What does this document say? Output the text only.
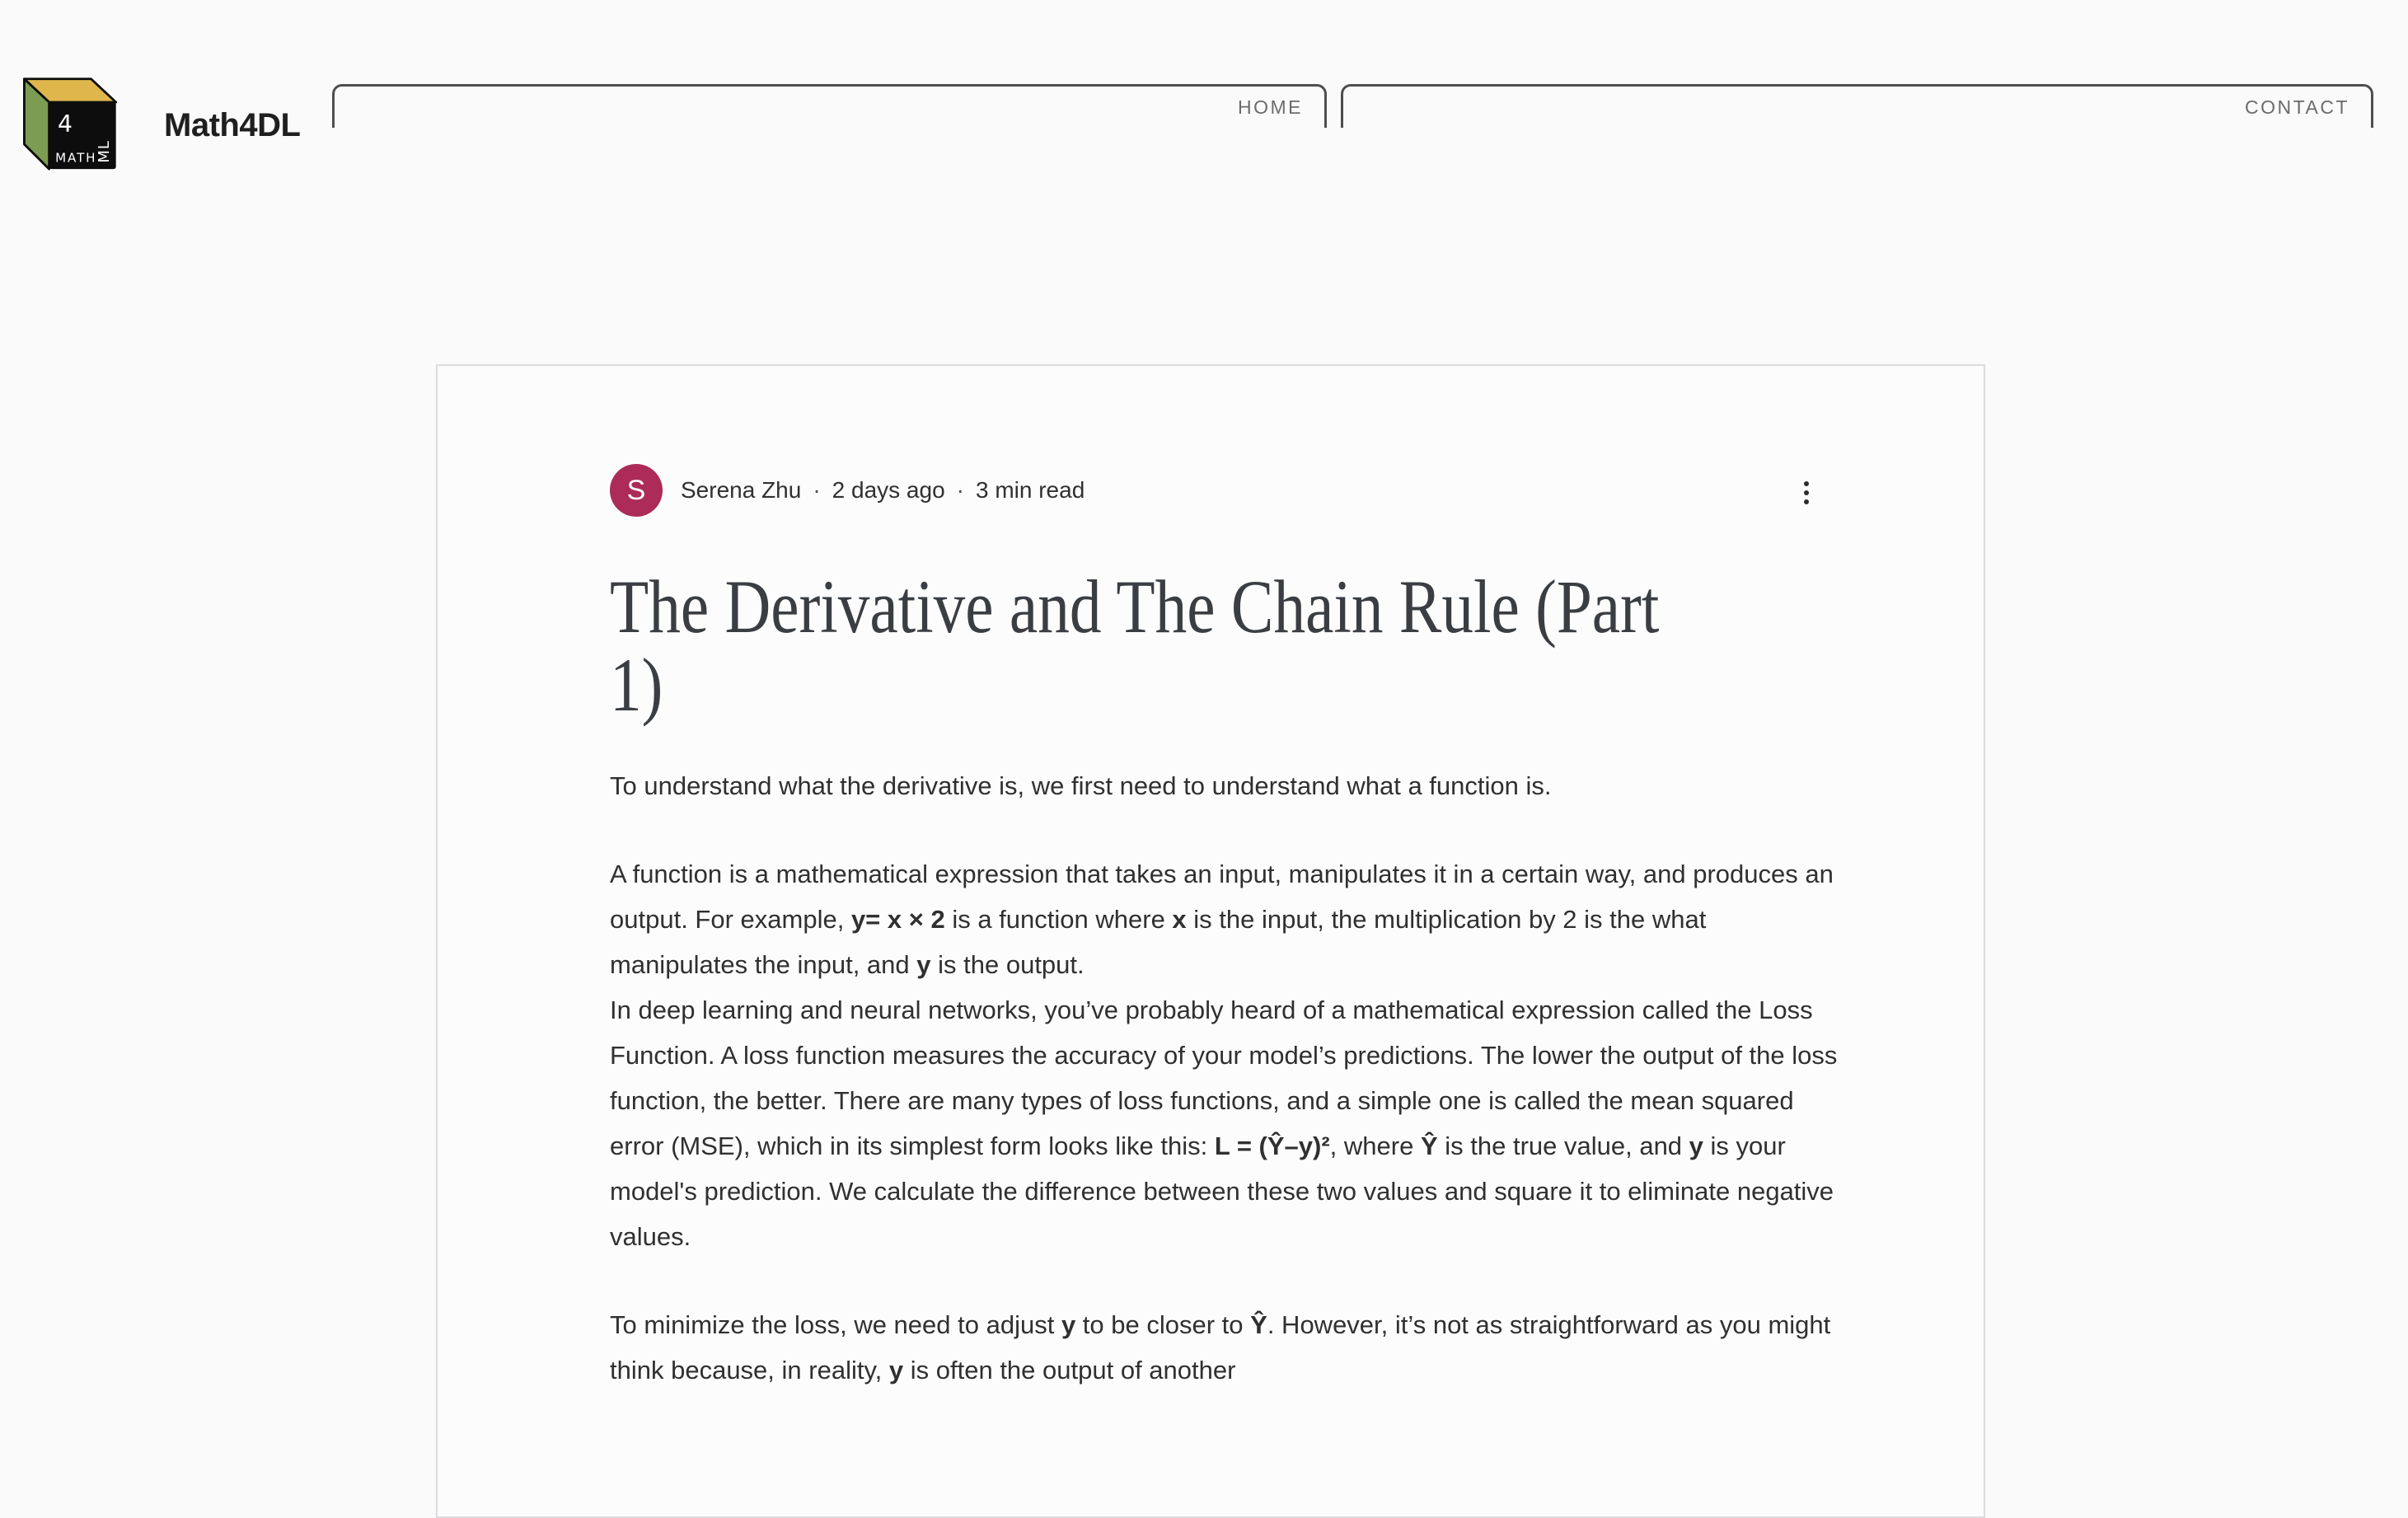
4
ML
MATH
Math4DL
HOME	CONTACT
S Serena Zhu · 2 days ago · 3 min read
The Derivative and The Chain Rule (Part
1)

To understand what the derivative is, we first need to understand what a function is.

A function is a mathematical expression that takes an input, manipulates it in a certain way, and produces an output. For example, y= x × 2 is a function where x is the input, the multiplication by 2 is the what manipulates the input, and y is the output.

In deep learning and neural networks, you’ve probably heard of a mathematical expression called the Loss Function. A loss function measures the accuracy of your model’s predictions. The lower the output of the loss function, the better. There are many types of loss functions, and a simple one is called the mean squared error (MSE), which in its simplest form looks like this: L = (Ŷ–y)², where Ŷ is the true value, and y is your model's prediction. We calculate the difference between these two values and square it to eliminate negative values.

To minimize the loss, we need to adjust y to be closer to Ŷ. However, it’s not as straightforward as you might think because, in reality, y is often the output of another
